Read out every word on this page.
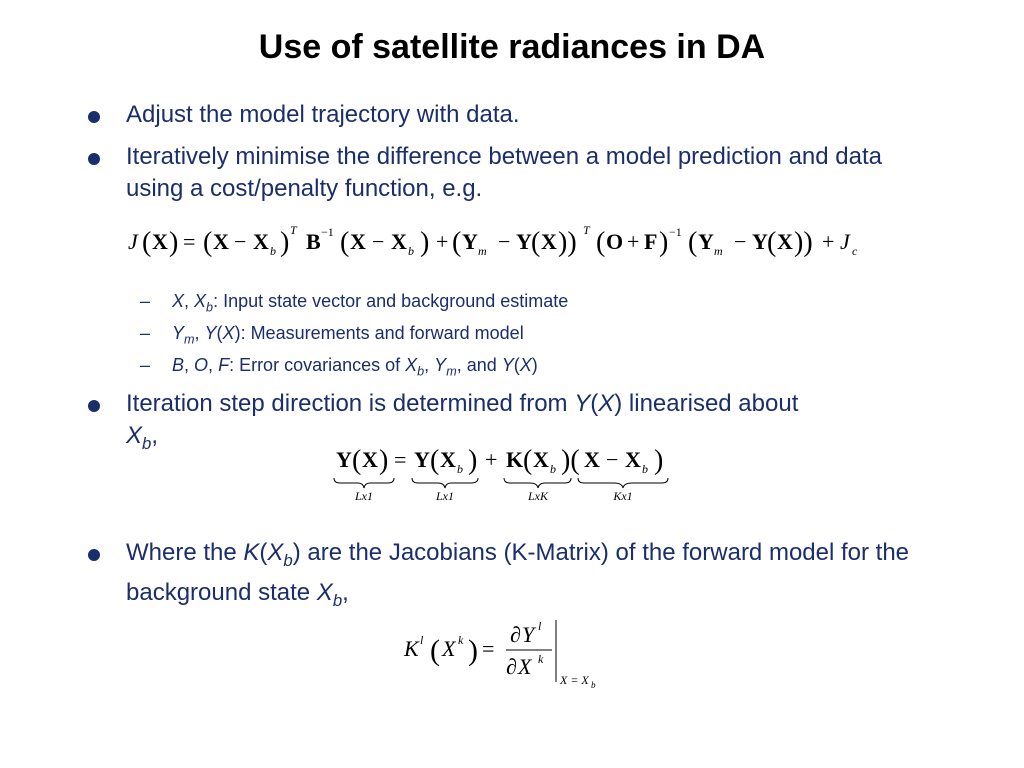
Use of satellite radiances in DA
Adjust the model trajectory with data.
Iteratively minimise the difference between a model prediction and data using a cost/penalty function, e.g.
J ( X ) = ( X − X b ) T B −1 ( X − X b ) + ( Y m − Y ( X )) T ( O + F ) −1 ( Y m − Y ( X )) + J c
– X, $X_b$: Input state vector and background estimate
– $Y_m$, Y(X): Measurements and forward model
– B, O, F: Error covariances of $X_b$, $Y_m$, and Y(X)
Iteration step direction is determined from Y(X) linearised about
$X_b$,
Y ( X ) = Y ( X b ) + K ( X b )( X − X b )
Lx1	Lx1	LxK	Kx1
Where the $K(X_b)$ are the Jacobians (K-Matrix) of the forward model for the background state $X_b$,
K l ( X k ) =
∂ Y l
∂ X k
X = X b
